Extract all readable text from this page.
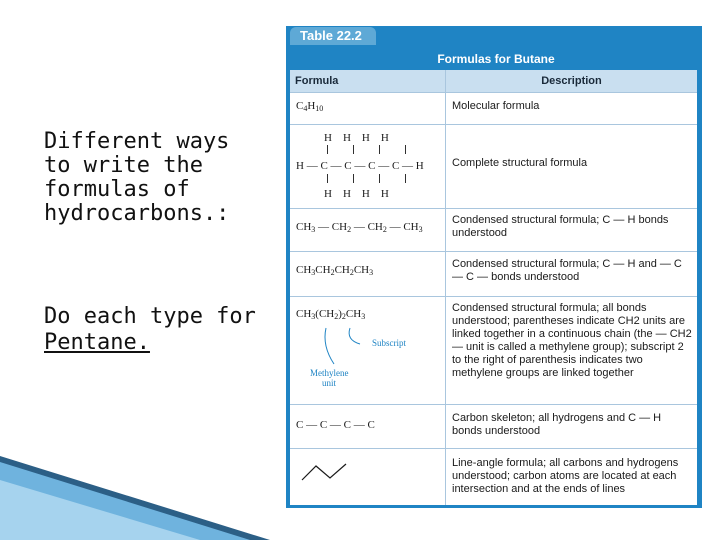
Different ways to write the formulas of hydrocarbons.:
Do each type for
Pentane.
Table 22.2
Formulas for Butane
Formula	Description
$C_4H_{10}$	Molecular formula
H    H    H    H
H — C — C — C — C — H
H    H    H    H
Complete structural formula
$CH_3$ — $CH_2$ — $CH_2$ — $CH_3$
Condensed structural formula; C — H bonds understood
$CH_3CH_2CH_2CH_3$
Condensed structural formula; C — H and — C — C — bonds understood
$CH_3(CH_2)_2CH_3$
Subscript
Methylene
unit
Condensed structural formula; all bonds understood; parentheses indicate CH2 units are linked together in a continuous chain (the — CH2 — unit is called a methylene group); subscript 2 to the right of parenthesis indicates two methylene groups are linked together
C — C — C — C
Carbon skeleton; all hydrogens and C — H bonds understood
Line-angle formula; all carbons and hydrogens understood; carbon atoms are located at each intersection and at the ends of lines
